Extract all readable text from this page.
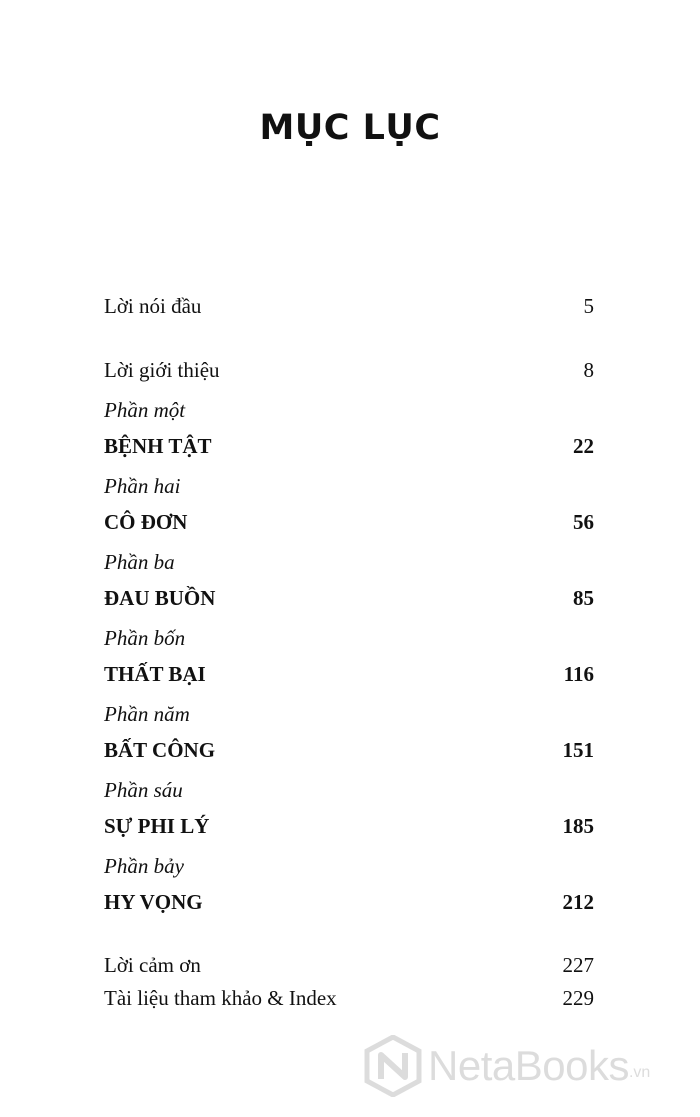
MỤC LỤC
Lời nói đầu	5
Lời giới thiệu	8
Phần một
BỆNH TẬT	22
Phần hai
CÔ ĐƠN	56
Phần ba
ĐAU BUỒN	85
Phần bốn
THẤT BẠI	116
Phần năm
BẤT CÔNG	151
Phần sáu
SỰ PHI LÝ	185
Phần bảy
HY VỌNG	212
Lời cảm ơn	227
Tài liệu tham khảo & Index	229
NetaBooks .vn
